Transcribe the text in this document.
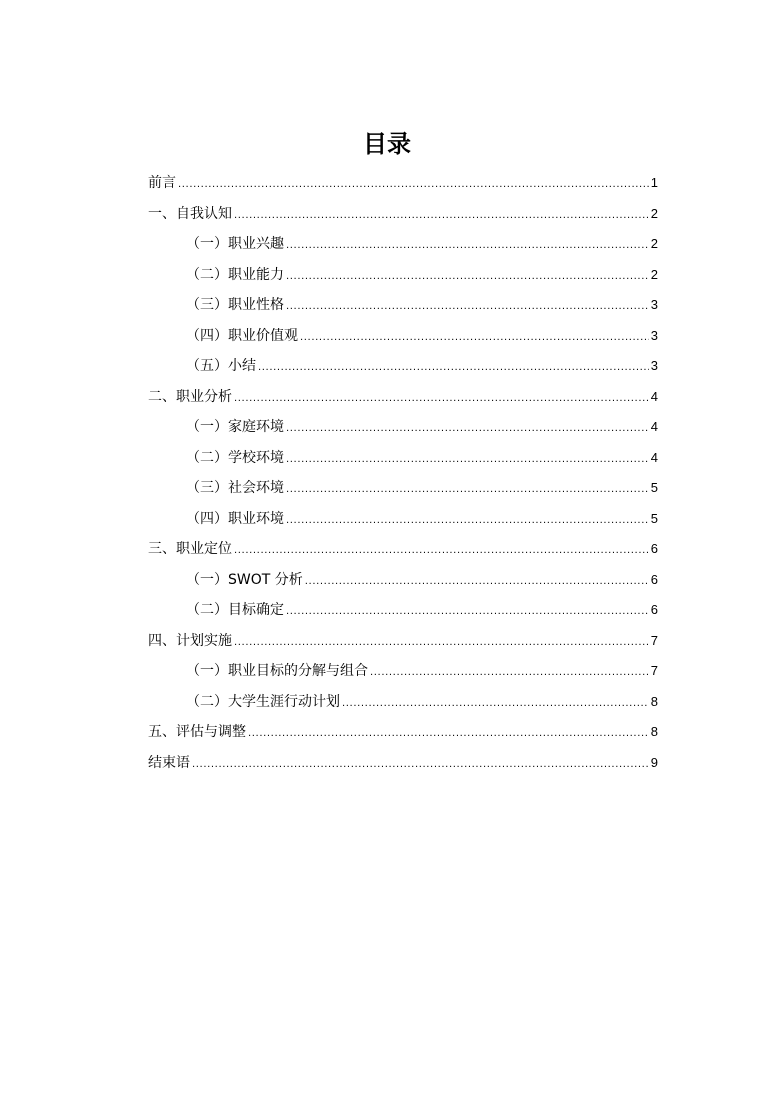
目录
前言 .....	1
一、自我认知 .....	2
（一）职业兴趣 .....	2
（二）职业能力 .....	2
（三）职业性格 .....	3
（四）职业价值观 .....	3
（五）小结 .....	3
二、职业分析 .....	4
（一）家庭环境 .....	4
（二）学校环境 .....	4
（三）社会环境 .....	5
（四）职业环境 .....	5
三、职业定位 .....	6
（一）SWOT 分析 .....	6
（二）目标确定 .....	6
四、计划实施 .....	7
（一）职业目标的分解与组合 .....	7
（二）大学生涯行动计划 .....	8
五、评估与调整 .....	8
结束语 .....	9
